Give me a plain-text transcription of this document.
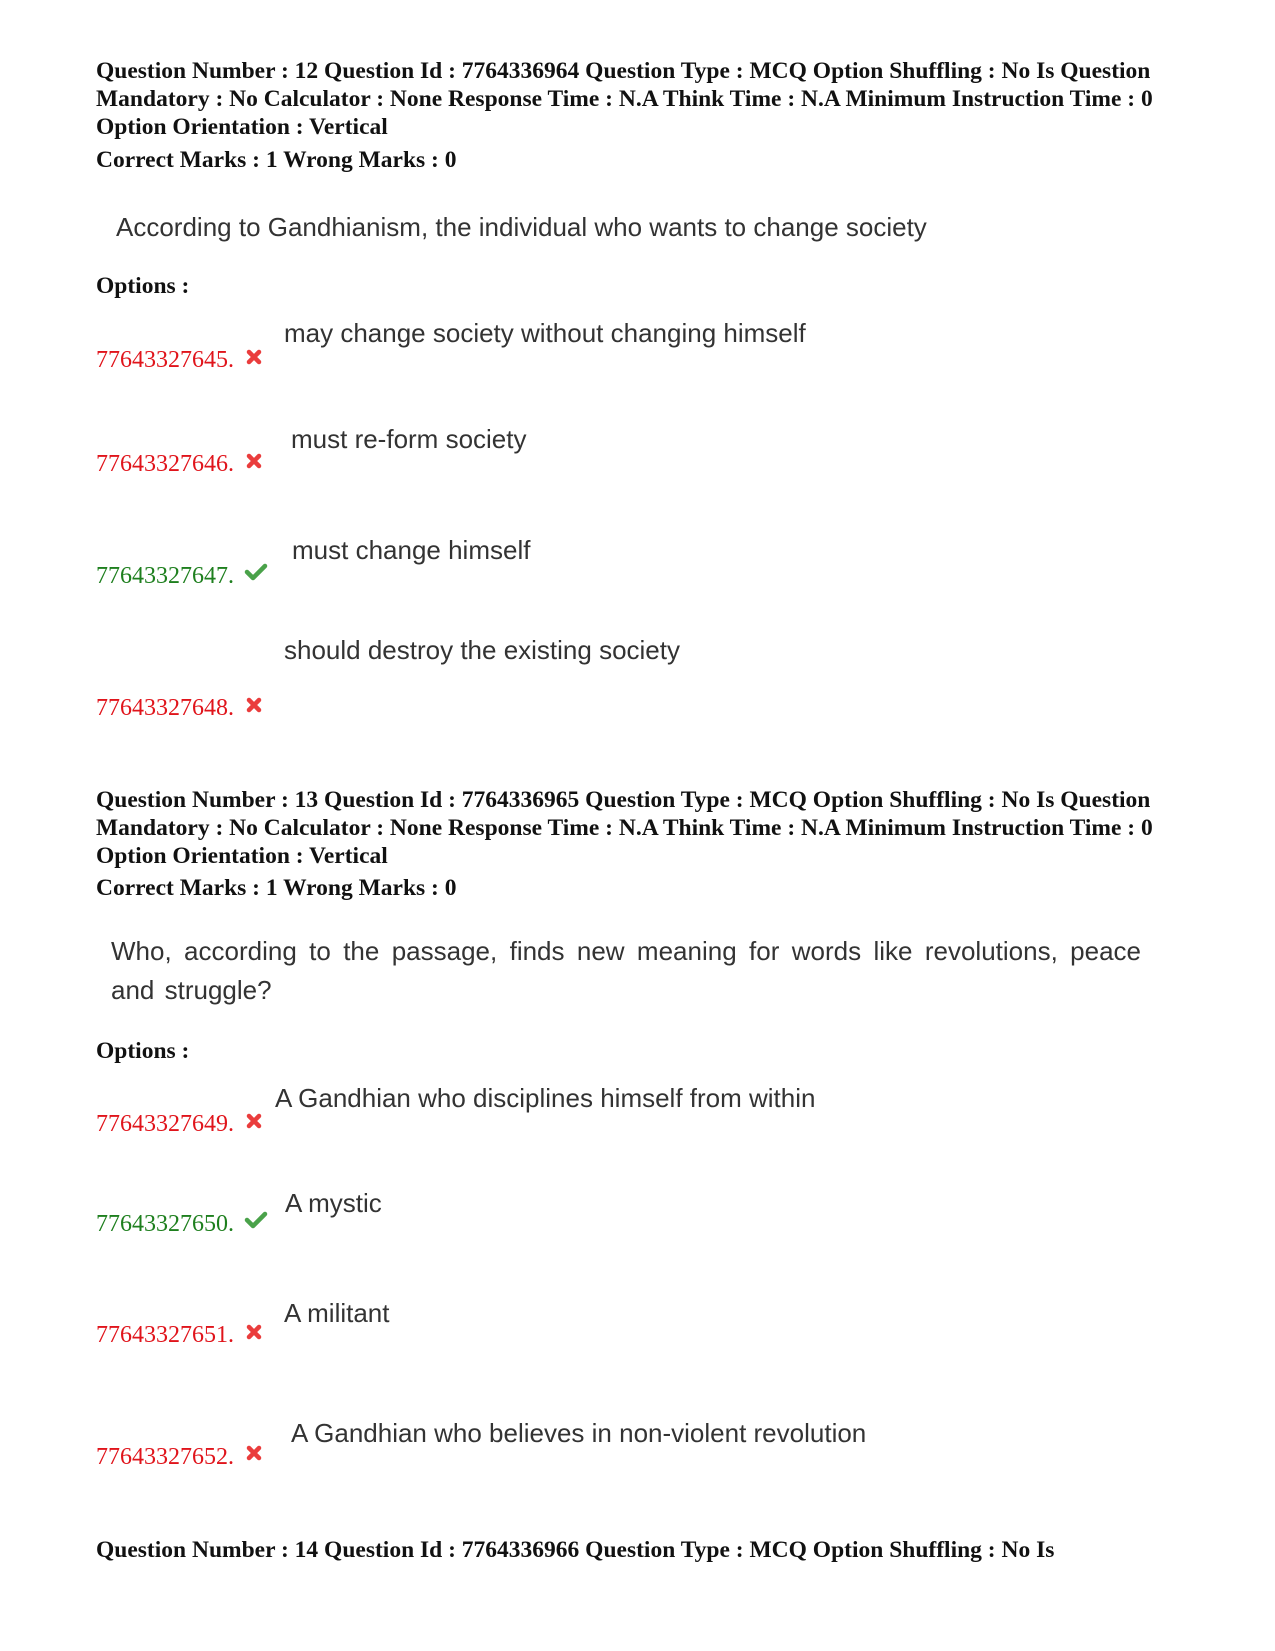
Question Number : 12 Question Id : 7764336964 Question Type : MCQ Option Shuffling : No Is Question Mandatory : No Calculator : None Response Time : N.A Think Time : N.A Minimum Instruction Time : 0 Option Orientation : Vertical

Correct Marks : 1 Wrong Marks : 0

According to Gandhianism, the individual who wants to change society

Options :
may change society without changing himself
77643327645.
must re-form society
77643327646.
must change himself
77643327647.
should destroy the existing society
77643327648.

Question Number : 13 Question Id : 7764336965 Question Type : MCQ Option Shuffling : No Is Question Mandatory : No Calculator : None Response Time : N.A Think Time : N.A Minimum Instruction Time : 0 Option Orientation : Vertical

Correct Marks : 1 Wrong Marks : 0

Who, according to the passage, finds new meaning for words like revolutions, peace and struggle?

Options :
A Gandhian who disciplines himself from within
77643327649.
A mystic
77643327650.
A militant
77643327651.
A Gandhian who believes in non-violent revolution
77643327652.

Question Number : 14 Question Id : 7764336966 Question Type : MCQ Option Shuffling : No Is
